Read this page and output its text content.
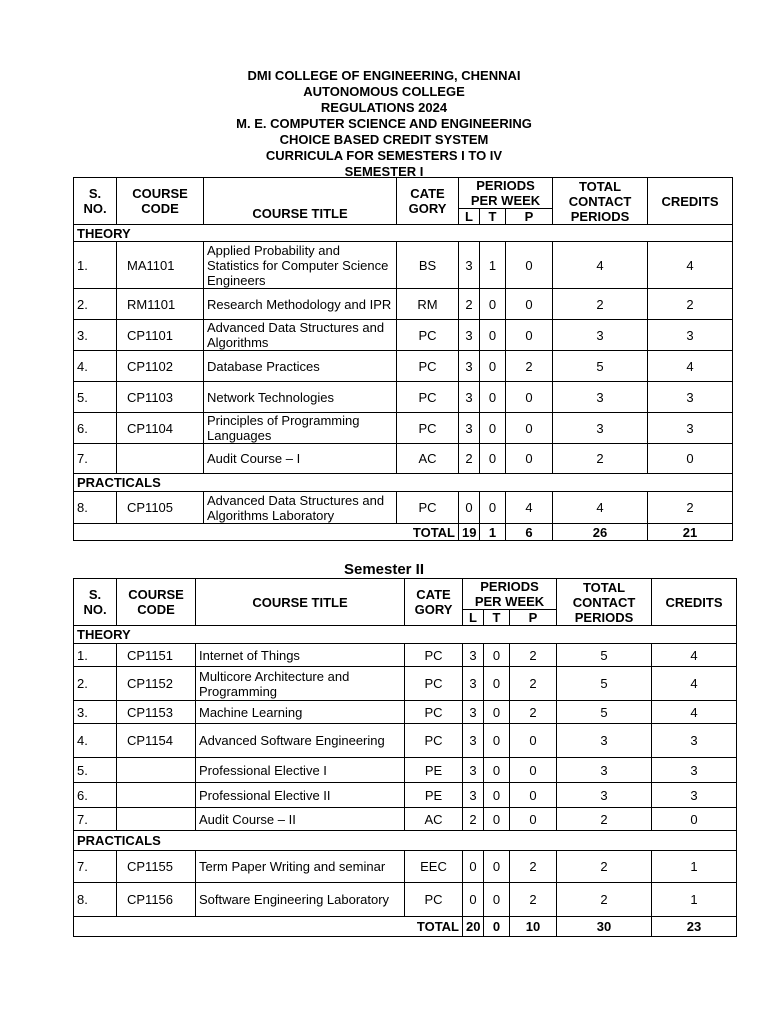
DMI COLLEGE OF ENGINEERING, CHENNAI
AUTONOMOUS COLLEGE
REGULATIONS 2024
M. E. COMPUTER SCIENCE AND ENGINEERING
CHOICE BASED CREDIT SYSTEM
CURRICULA FOR SEMESTERS I TO IV
SEMESTER I
S. NO.	COURSE CODE	COURSE TITLE	CATE GORY	PERIODS PER WEEK			TOTAL CONTACT PERIODS	CREDITS
				L	T	P		
THEORY								
1.	MA1101	Applied Probability and Statistics for Computer Science Engineers	BS	3	1	0	4	4
2.	RM1101	Research Methodology and IPR	RM	2	0	0	2	2
3.	CP1101	Advanced Data Structures and Algorithms	PC	3	0	0	3	3
4.	CP1102	Database Practices	PC	3	0	2	5	4
5.	CP1103	Network Technologies	PC	3	0	0	3	3
6.	CP1104	Principles of Programming Languages	PC	3	0	0	3	3
7.		Audit Course – I	AC	2	0	0	2	0
PRACTICALS								
8.	CP1105	Advanced Data Structures and Algorithms Laboratory	PC	0	0	4	4	2
TOTAL				19	1	6	26	21
Semester II
S. NO.	COURSE CODE	COURSE TITLE	CATE GORY	PERIODS PER WEEK			TOTAL CONTACT PERIODS	CREDITS
				L	T	P		
THEORY								
1.	CP1151	Internet of Things	PC	3	0	2	5	4
2.	CP1152	Multicore Architecture and Programming	PC	3	0	2	5	4
3.	CP1153	Machine Learning	PC	3	0	2	5	4
4.	CP1154	Advanced Software Engineering	PC	3	0	0	3	3
5.		Professional Elective I	PE	3	0	0	3	3
6.		Professional Elective II	PE	3	0	0	3	3
7.		Audit Course – II	AC	2	0	0	2	0
PRACTICALS								
7.	CP1155	Term Paper Writing and seminar	EEC	0	0	2	2	1
8.	CP1156	Software Engineering Laboratory	PC	0	0	2	2	1
TOTAL				20	0	10	30	23
